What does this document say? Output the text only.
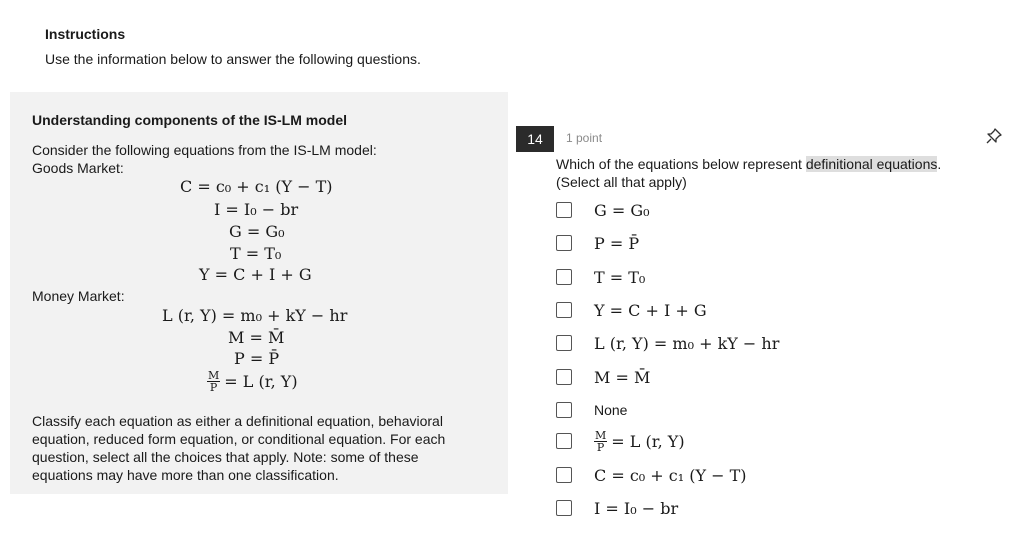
Instructions
Use the information below to answer the following questions.
Understanding components of the IS-LM model
Consider the following equations from the IS-LM model:
Goods Market:
C = c₀ + c₁ (Y − T)
I = I₀ − br
G = G₀
T = T₀
Y = C + I + G
Money Market:
L (r, Y) = m₀ + kY − hr
M = M̄
P = P̄
$\frac{M}{P} = L$ (r, Y)
Classify each equation as either a definitional equation, behavioral equation, reduced form equation, or conditional equation. For each question, select all the choices that apply. Note: some of these equations may have more than one classification.
14	1 point
Which of the equations below represent definitional equations.
(Select all that apply)
G = G₀
P = P̄
T = T₀
Y = C + I + G
L (r, Y) = m₀ + kY − hr
M = M̄
None
$\frac{M}{P} = L$ (r, Y)
C = c₀ + c₁ (Y − T)
I = I₀ − br
